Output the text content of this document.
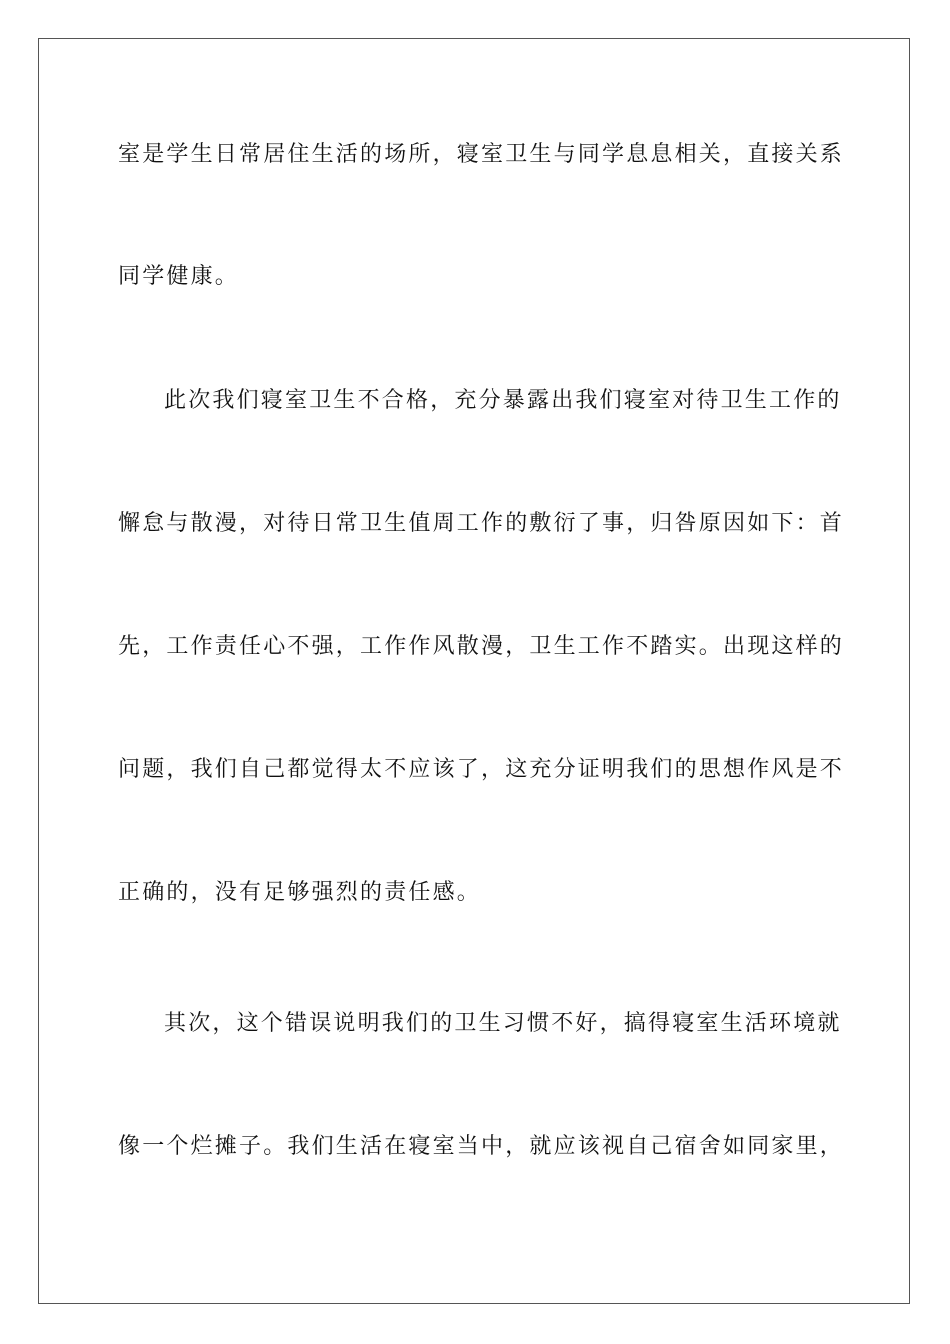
室是学生日常居住生活的场所，寝室卫生与同学息息相关，直接关系
同学健康。
此次我们寝室卫生不合格，充分暴露出我们寝室对待卫生工作的
懈怠与散漫，对待日常卫生值周工作的敷衍了事，归咎原因如下：首
先，工作责任心不强，工作作风散漫，卫生工作不踏实。出现这样的
问题，我们自己都觉得太不应该了，这充分证明我们的思想作风是不
正确的，没有足够强烈的责任感。
其次，这个错误说明我们的卫生习惯不好，搞得寝室生活环境就
像一个烂摊子。我们生活在寝室当中，就应该视自己宿舍如同家里，
